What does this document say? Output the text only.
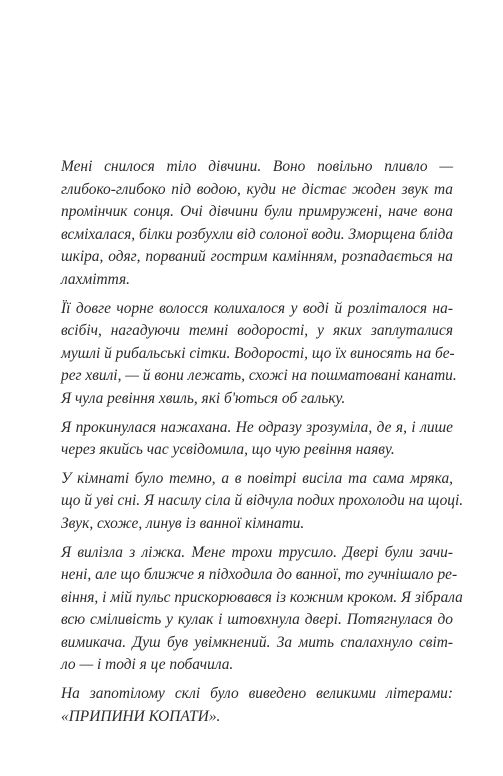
Мені снилося тіло дівчини. Воно повільно пливло —
глибоко-глибоко під водою, куди не дістає жоден звук та
промінчик сонця. Очі дівчини були примружені, наче вона
всміхалася, білки розбухли від солоної води. Зморщена бліда
шкіра, одяг, порваний гострим камінням, розпадається на
лахміття.

Її довге чорне волосся колихалося у воді й розліталося на-
всібіч, нагадуючи темні водорості, у яких заплуталися
мушлі й рибальські сітки. Водорості, що їх виносять на бе-
рег хвилі, — й вони лежать, схожі на пошматовані канати.
Я чула ревіння хвиль, які б'ються об гальку.

Я прокинулася нажахана. Не одразу зрозуміла, де я, і лише
через якийсь час усвідомила, що чую ревіння наяву.

У кімнаті було темно, а в повітрі висіла та сама мряка,
що й уві сні. Я насилу сіла й відчула подих прохолоди на щоці.
Звук, схоже, линув із ванної кімнати.

Я вилізла з ліжка. Мене трохи трусило. Двері були зачи-
нені, але що ближче я підходила до ванної, то гучнішало ре-
віння, і мій пульс прискорювався із кожним кроком. Я зібрала
всю сміливість у кулак і штовхнула двері. Потягнулася до
вимикача. Душ був увімкнений. За мить спалахнуло світ-
ло — і тоді я це побачила.

На запотілому склі було виведено великими літерами:
«ПРИПИНИ КОПАТИ».
